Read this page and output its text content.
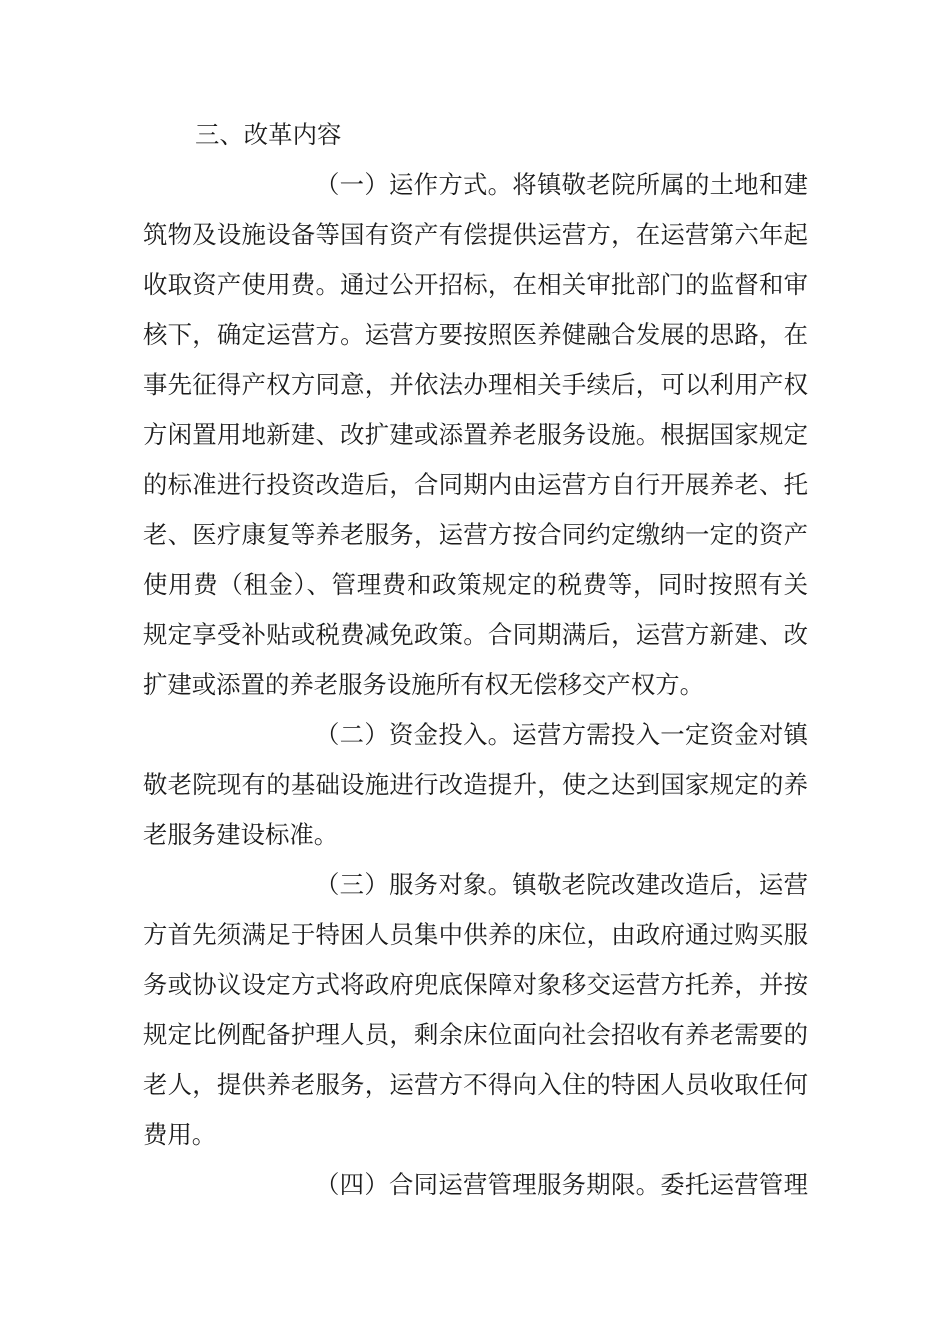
三、改革内容
（一）运作方式。将镇敬老院所属的土地和建
筑物及设施设备等国有资产有偿提供运营方，在运营第六年起
收取资产使用费。通过公开招标，在相关审批部门的监督和审
核下，确定运营方。运营方要按照医养健融合发展的思路，在
事先征得产权方同意，并依法办理相关手续后，可以利用产权
方闲置用地新建、改扩建或添置养老服务设施。根据国家规定
的标准进行投资改造后，合同期内由运营方自行开展养老、托
老、医疗康复等养老服务，运营方按合同约定缴纳一定的资产
使用费（租金）、管理费和政策规定的税费等，同时按照有关
规定享受补贴或税费减免政策。合同期满后，运营方新建、改
扩建或添置的养老服务设施所有权无偿移交产权方。
（二）资金投入。运营方需投入一定资金对镇
敬老院现有的基础设施进行改造提升，使之达到国家规定的养
老服务建设标准。
（三）服务对象。镇敬老院改建改造后，运营
方首先须满足于特困人员集中供养的床位，由政府通过购买服
务或协议设定方式将政府兜底保障对象移交运营方托养，并按
规定比例配备护理人员，剩余床位面向社会招收有养老需要的
老人，提供养老服务，运营方不得向入住的特困人员收取任何
费用。
（四）合同运营管理服务期限。委托运营管理
